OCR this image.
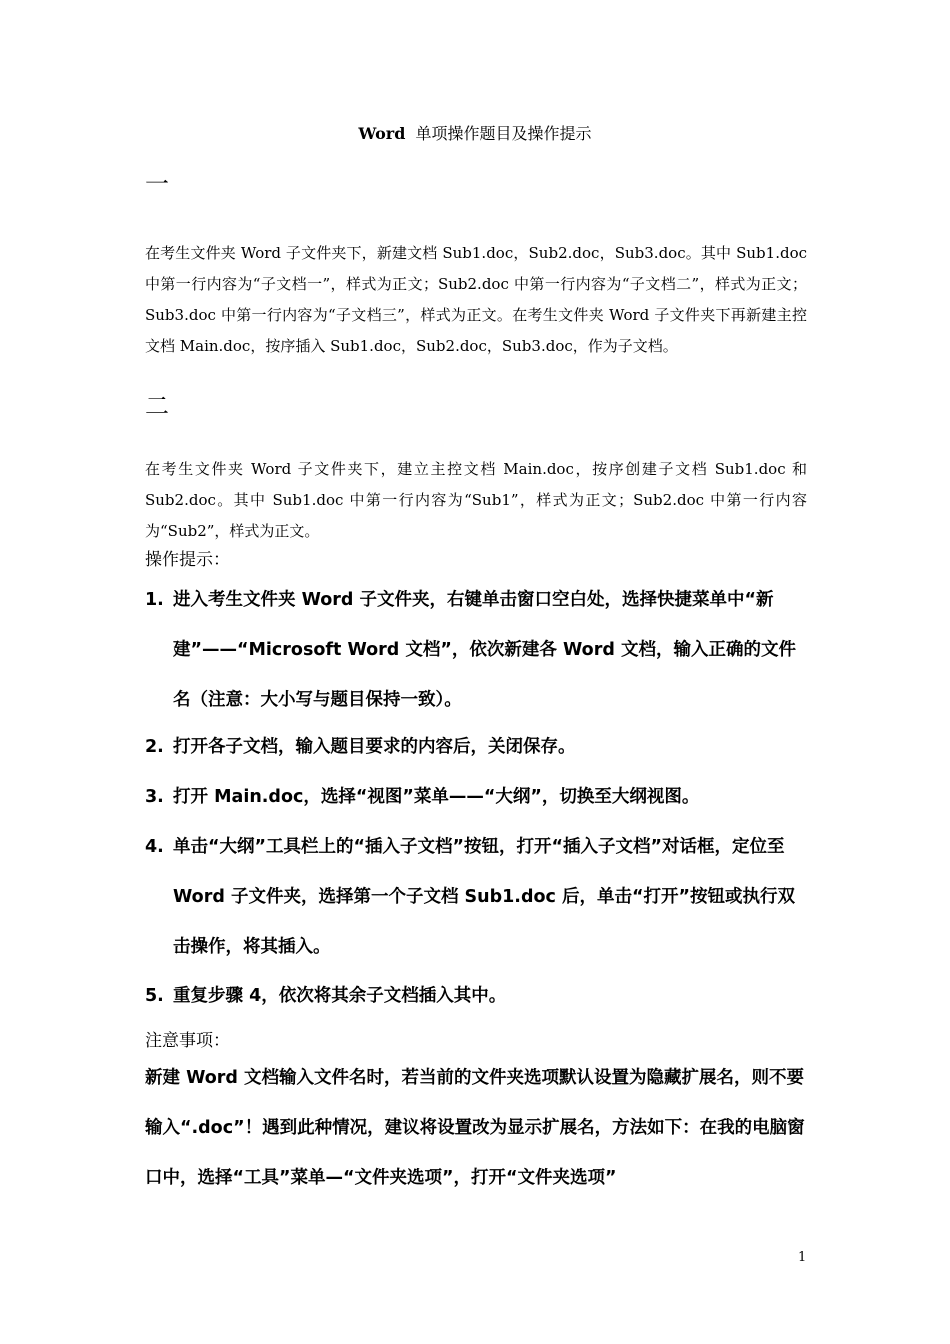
Word 单项操作题目及操作提示
一
在考生文件夹 Word 子文件夹下，新建文档 Sub1.doc，Sub2.doc，Sub3.doc。其中 Sub1.doc 中第一行内容为“子文档一”，样式为正文；Sub2.doc 中第一行内容为“子文档二”，样式为正文；Sub3.doc 中第一行内容为“子文档三”，样式为正文。在考生文件夹 Word 子文件夹下再新建主控文档 Main.doc，按序插入 Sub1.doc，Sub2.doc，Sub3.doc，作为子文档。
二
在考生文件夹 Word 子文件夹下，建立主控文档 Main.doc，按序创建子文档 Sub1.doc 和 Sub2.doc。其中 Sub1.doc 中第一行内容为“Sub1”，样式为正文；Sub2.doc 中第一行内容为“Sub2”，样式为正文。
操作提示：
1. 进入考生文件夹 Word 子文件夹，右键单击窗口空白处，选择快捷菜单中“新建”——“Microsoft Word 文档”，依次新建各 Word 文档，输入正确的文件名（注意：大小写与题目保持一致）。
2. 打开各子文档，输入题目要求的内容后，关闭保存。
3. 打开 Main.doc，选择“视图”菜单——“大纲”，切换至大纲视图。
4. 单击“大纲”工具栏上的“插入子文档”按钮，打开“插入子文档”对话框，定位至 Word 子文件夹，选择第一个子文档 Sub1.doc 后，单击“打开”按钮或执行双击操作，将其插入。
5. 重复步骤 4，依次将其余子文档插入其中。
注意事项：
新建 Word 文档输入文件名时，若当前的文件夹选项默认设置为隐藏扩展名，则不要输入“.doc”！遇到此种情况，建议将设置改为显示扩展名，方法如下：在我的电脑窗口中，选择“工具”菜单—“文件夹选项”，打开“文件夹选项”
1
